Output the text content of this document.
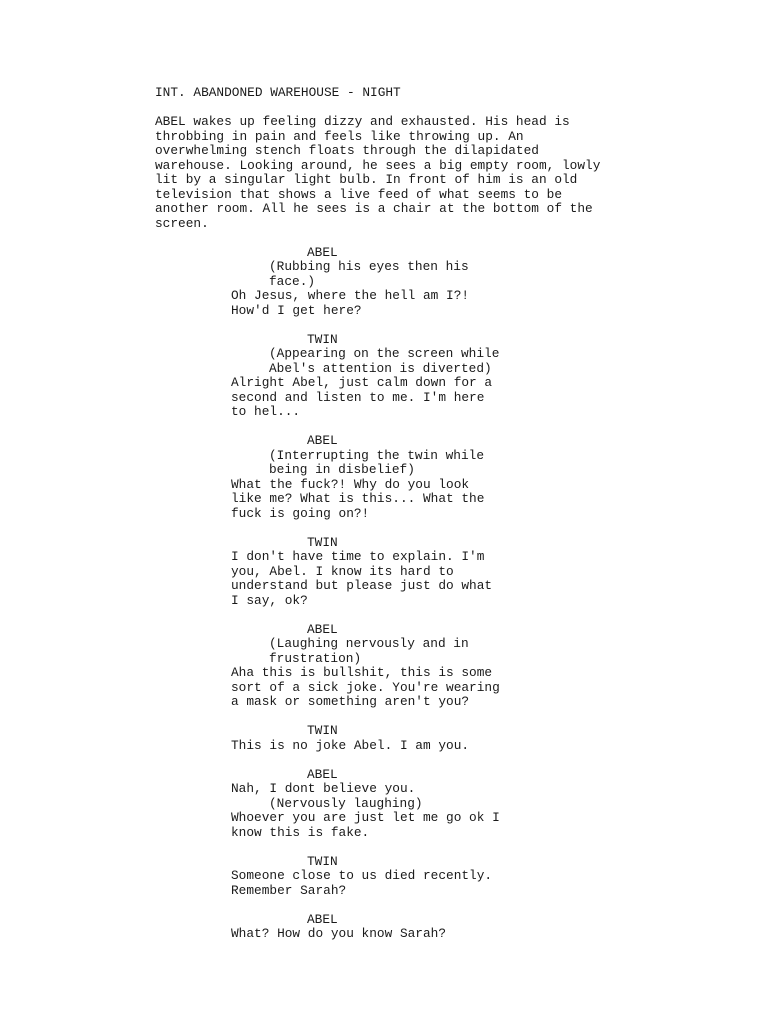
INT. ABANDONED WAREHOUSE - NIGHT
ABEL wakes up feeling dizzy and exhausted. His head is
throbbing in pain and feels like throwing up. An
overwhelming stench floats through the dilapidated
warehouse. Looking around, he sees a big empty room, lowly
lit by a singular light bulb. In front of him is an old
television that shows a live feed of what seems to be
another room. All he sees is a chair at the bottom of the
screen.
ABEL
(Rubbing his eyes then his
face.)
Oh Jesus, where the hell am I?!
How'd I get here?
TWIN
(Appearing on the screen while
Abel's attention is diverted)
Alright Abel, just calm down for a
second and listen to me. I'm here
to hel...
ABEL
(Interrupting the twin while
being in disbelief)
What the fuck?! Why do you look
like me? What is this... What the
fuck is going on?!
TWIN
I don't have time to explain. I'm
you, Abel. I know its hard to
understand but please just do what
I say, ok?
ABEL
(Laughing nervously and in
frustration)
Aha this is bullshit, this is some
sort of a sick joke. You're wearing
a mask or something aren't you?
TWIN
This is no joke Abel. I am you.
ABEL
Nah, I dont believe you.
(Nervously laughing)
Whoever you are just let me go ok I
know this is fake.
TWIN
Someone close to us died recently.
Remember Sarah?
ABEL
What? How do you know Sarah?
